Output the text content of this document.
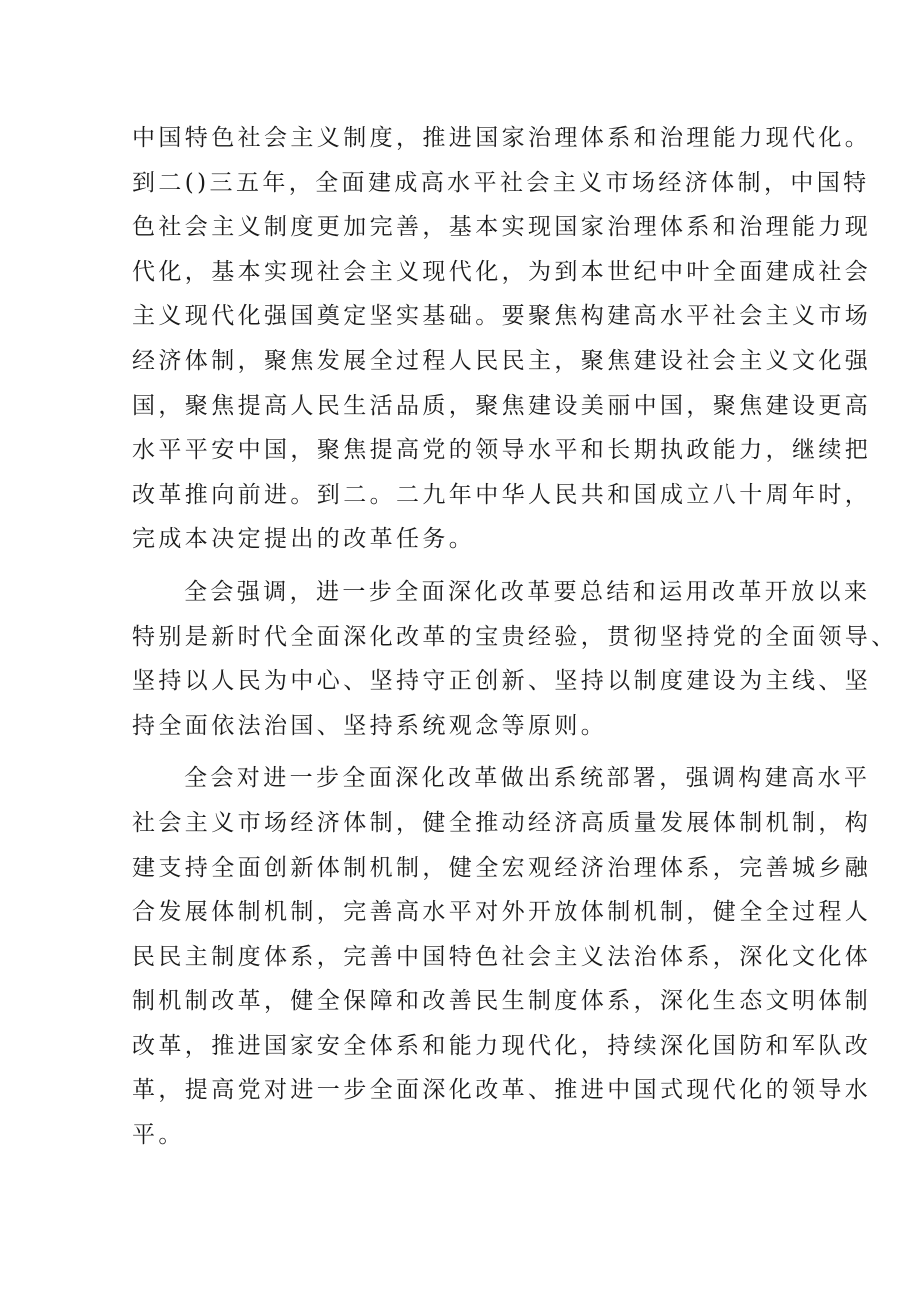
中国特色社会主义制度，推进国家治理体系和治理能力现代化。
到二()三五年，全面建成高水平社会主义市场经济体制，中国特
色社会主义制度更加完善，基本实现国家治理体系和治理能力现
代化，基本实现社会主义现代化，为到本世纪中叶全面建成社会
主义现代化强国奠定坚实基础。要聚焦构建高水平社会主义市场
经济体制，聚焦发展全过程人民民主，聚焦建设社会主义文化强
国，聚焦提高人民生活品质，聚焦建设美丽中国，聚焦建设更高
水平平安中国，聚焦提高党的领导水平和长期执政能力，继续把
改革推向前进。到二。二九年中华人民共和国成立八十周年时，
完成本决定提出的改革任务。
全会强调，进一步全面深化改革要总结和运用改革开放以来
特别是新时代全面深化改革的宝贵经验，贯彻坚持党的全面领导、
坚持以人民为中心、坚持守正创新、坚持以制度建设为主线、坚
持全面依法治国、坚持系统观念等原则。
全会对进一步全面深化改革做出系统部署，强调构建高水平
社会主义市场经济体制，健全推动经济高质量发展体制机制，构
建支持全面创新体制机制，健全宏观经济治理体系，完善城乡融
合发展体制机制，完善高水平对外开放体制机制，健全全过程人
民民主制度体系，完善中国特色社会主义法治体系，深化文化体
制机制改革，健全保障和改善民生制度体系，深化生态文明体制
改革，推进国家安全体系和能力现代化，持续深化国防和军队改
革，提高党对进一步全面深化改革、推进中国式现代化的领导水
平。
